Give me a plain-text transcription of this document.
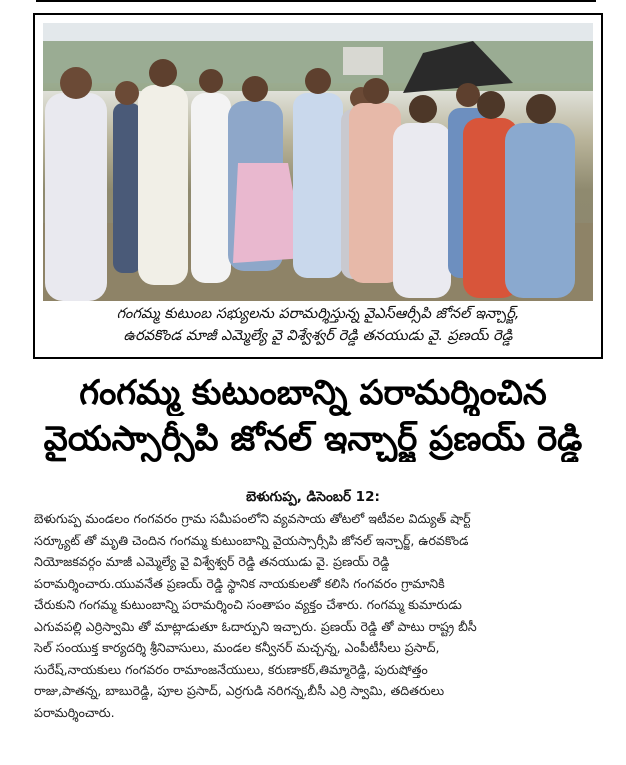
గంగమ్మ కుటుంబ సభ్యులను పరామర్శిస్తున్న వైఎస్ఆర్సీపి జోనల్ ఇన్చార్జ్,
ఉరవకొండ మాజీ ఎమ్మెల్యే వై విశ్వేశ్వర్ రెడ్డి తనయుడు వై. ప్రణయ్ రెడ్డి
గంగమ్మ కుటుంబాన్ని పరామర్శించిన
వైయస్సార్సీపి జోనల్ ఇన్చార్జ్ ప్రణయ్ రెడ్డి
బెళుగుప్ప, డిసెంబర్ 12:
బెళుగుప్ప మండలం గంగవరం గ్రామ సమీపంలోని వ్యవసాయ తోటలో ఇటీవల విద్యుత్ షార్ట్
సర్క్యూట్ తో మృతి చెందిన గంగమ్మ కుటుంబాన్ని వైయస్సార్సీపి జోనల్ ఇన్చార్జ్, ఉరవకొండ
నియోజకవర్గం మాజీ ఎమ్మెల్యే వై విశ్వేశ్వర్ రెడ్డి తనయుడు వై. ప్రణయ్ రెడ్డి
పరామర్శించారు.యువనేత ప్రణయ్ రెడ్డి స్థానిక నాయకులతో కలిసి గంగవరం గ్రామానికి
చేరుకుని గంగమ్మ కుటుంబాన్ని పరామర్శించి సంతాపం వ్యక్తం చేశారు. గంగమ్మ కుమారుడు
ఎగువపల్లి ఎర్రిస్వామి తో మాట్లాడుతూ ఓదార్పుని ఇచ్చారు. ప్రణయ్ రెడ్డి తో పాటు రాష్ట్ర బీసీ
సెల్ సంయుక్త కార్యదర్శి శ్రీనివాసులు, మండల కన్వీనర్ మచ్చన్న, ఎంపీటీసీలు ప్రసాద్,
సురేష్,నాయకులు గంగవరం రామాంజనేయులు, కరుణాకర్,తిమ్మారెడ్డి, పురుషోత్తం
రాజు,పాతన్న, బాబురెడ్డి, పూల ప్రసాద్, ఎర్రగుడి నరిగన్న,బీసీ ఎర్రి స్వామి, తదితరులు
పరామర్శించారు.
